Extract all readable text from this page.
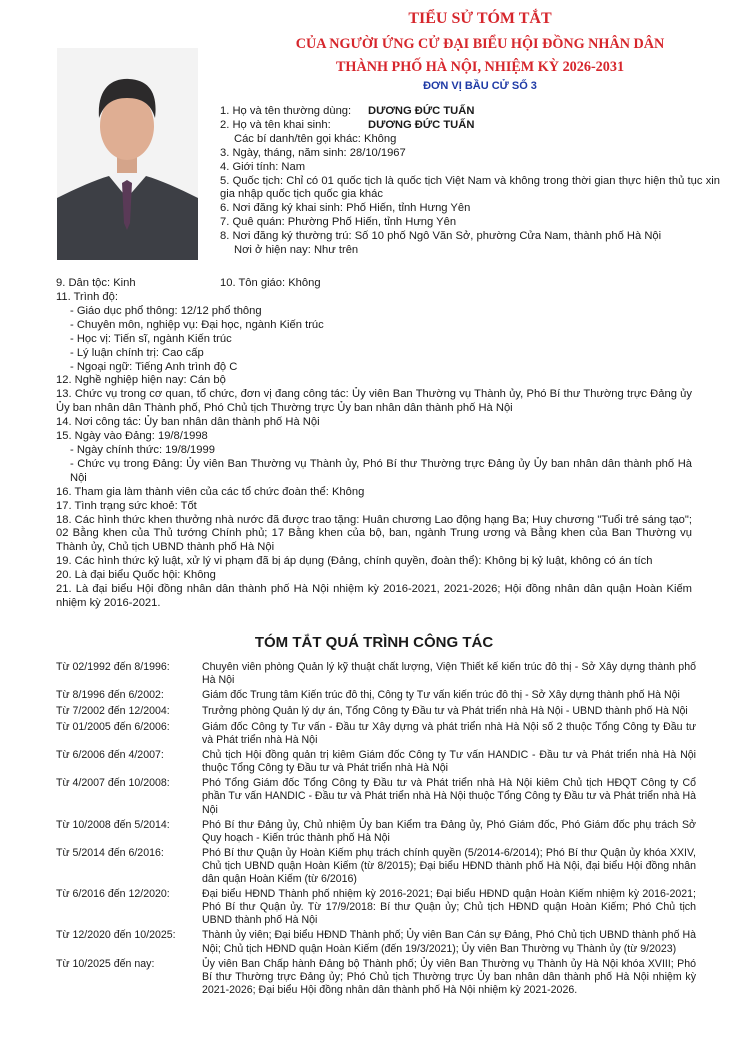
TIỂU SỬ TÓM TẮT
CỦA NGƯỜI ỨNG CỬ ĐẠI BIỂU HỘI ĐỒNG NHÂN DÂN
THÀNH PHỐ HÀ NỘI, NHIỆM KỲ 2026-2031
ĐƠN VỊ BẦU CỬ SỐ 3

1. Họ và tên thường dùng: DƯƠNG ĐỨC TUẤN

2. Họ và tên khai sinh:	DƯƠNG ĐỨC TUẤN

Các bí danh/tên gọi khác: Không

3. Ngày, tháng, năm sinh: 28/10/1967

4. Giới tính: Nam

5. Quốc tịch: Chỉ có 01 quốc tịch là quốc tịch Việt Nam và không trong thời gian thực hiện thủ tục xin gia nhập quốc tịch quốc gia khác

6. Nơi đăng ký khai sinh: Phố Hiến, tỉnh Hưng Yên

7. Quê quán: Phường Phố Hiến, tỉnh Hưng Yên

8. Nơi đăng ký thường trú: Số 10 phố Ngô Văn Sở, phường Cửa Nam, thành phố Hà Nội

Nơi ở hiện nay: Như trên

9. Dân tộc: Kinh	10. Tôn giáo: Không

11. Trình độ:

- Giáo dục phổ thông: 12/12 phổ thông

- Chuyên môn, nghiệp vụ: Đại học, ngành Kiến trúc

- Học vị: Tiến sĩ, ngành Kiến trúc

- Lý luận chính trị: Cao cấp

- Ngoại ngữ: Tiếng Anh trình độ C

12. Nghề nghiệp hiện nay: Cán bộ

13. Chức vụ trong cơ quan, tổ chức, đơn vị đang công tác: Ủy viên Ban Thường vụ Thành ủy, Phó Bí thư Thường trực Đảng ủy Ủy ban nhân dân Thành phố, Phó Chủ tịch Thường trực Ủy ban nhân dân thành phố Hà Nội

14. Nơi công tác: Ủy ban nhân dân thành phố Hà Nội

15. Ngày vào Đảng: 19/8/1998

- Ngày chính thức: 19/8/1999

- Chức vụ trong Đảng: Ủy viên Ban Thường vụ Thành ủy, Phó Bí thư Thường trực Đảng ủy Ủy ban nhân dân thành phố Hà Nội

16. Tham gia làm thành viên của các tổ chức đoàn thể: Không

17. Tình trạng sức khoẻ: Tốt

18. Các hình thức khen thưởng nhà nước đã được trao tặng: Huân chương Lao động hạng Ba; Huy chương "Tuổi trẻ sáng tạo"; 02 Bằng khen của Thủ tướng Chính phủ; 17 Bằng khen của bộ, ban, ngành Trung ương và Bằng khen của Ban Thường vụ Thành ủy, Chủ tịch UBND thành phố Hà Nội

19. Các hình thức kỷ luật, xử lý vi phạm đã bị áp dụng (Đảng, chính quyền, đoàn thể): Không bị kỷ luật, không có án tích

20. Là đại biểu Quốc hội: Không

21. Là đại biểu Hội đồng nhân dân thành phố Hà Nội nhiệm kỳ 2016-2021, 2021-2026; Hội đồng nhân dân quận Hoàn Kiếm nhiệm kỳ 2016-2021.

TÓM TẮT QUÁ TRÌNH CÔNG TÁC
Từ 02/1992 đến 8/1996:	Chuyên viên phòng Quản lý kỹ thuật chất lượng, Viện Thiết kế kiến trúc đô thị - Sở Xây dựng thành phố Hà Nội
Từ 8/1996 đến 6/2002:	Giám đốc Trung tâm Kiến trúc đô thị, Công ty Tư vấn kiến trúc đô thị - Sở Xây dựng thành phố Hà Nội
Từ 7/2002 đến 12/2004:	Trưởng phòng Quản lý dự án, Tổng Công ty Đầu tư và Phát triển nhà Hà Nội - UBND thành phố Hà Nội
Từ 01/2005 đến 6/2006:	Giám đốc Công ty Tư vấn - Đầu tư Xây dựng và phát triển nhà Hà Nội số 2 thuộc Tổng Công ty Đầu tư và Phát triển nhà Hà Nội
Từ 6/2006 đến 4/2007:	Chủ tịch Hội đồng quản trị kiêm Giám đốc Công ty Tư vấn HANDIC - Đầu tư và Phát triển nhà Hà Nội thuộc Tổng Công ty Đầu tư và Phát triển nhà Hà Nội
Từ 4/2007 đến 10/2008:	Phó Tổng Giám đốc Tổng Công ty Đầu tư và Phát triển nhà Hà Nội kiêm Chủ tịch HĐQT Công ty Cổ phần Tư vấn HANDIC - Đầu tư và Phát triển nhà Hà Nội thuộc Tổng Công ty Đầu tư và Phát triển nhà Hà Nội
Từ 10/2008 đến 5/2014:	Phó Bí thư Đảng ủy, Chủ nhiệm Ủy ban Kiểm tra Đảng ủy, Phó Giám đốc, Phó Giám đốc phụ trách Sở Quy hoạch - Kiến trúc thành phố Hà Nội
Từ 5/2014 đến 6/2016:	Phó Bí thư Quận ủy Hoàn Kiếm phụ trách chính quyền (5/2014-6/2014); Phó Bí thư Quận ủy khóa XXIV, Chủ tịch UBND quận Hoàn Kiếm (từ 8/2015); Đại biểu HĐND thành phố Hà Nội, đại biểu Hội đồng nhân dân quận Hoàn Kiếm (từ 6/2016)
Từ 6/2016 đến 12/2020:	Đại biểu HĐND Thành phố nhiệm kỳ 2016-2021; Đại biểu HĐND quận Hoàn Kiếm nhiệm kỳ 2016-2021; Phó Bí thư Quận ủy. Từ 17/9/2018: Bí thư Quận ủy; Chủ tịch HĐND quận Hoàn Kiếm; Phó Chủ tịch UBND thành phố Hà Nội
Từ 12/2020 đến 10/2025:	Thành ủy viên; Đại biểu HĐND Thành phố; Ủy viên Ban Cán sự Đảng, Phó Chủ tịch UBND thành phố Hà Nội; Chủ tịch HĐND quận Hoàn Kiếm (đến 19/3/2021); Ủy viên Ban Thường vụ Thành ủy (từ 9/2023)
Từ 10/2025 đến nay:	Ủy viên Ban Chấp hành Đảng bộ Thành phố; Ủy viên Ban Thường vụ Thành ủy Hà Nội khóa XVIII; Phó Bí thư Thường trực Đảng ủy; Phó Chủ tịch Thường trực Ủy ban nhân dân thành phố Hà Nội nhiệm kỳ 2021-2026; Đại biểu Hội đồng nhân dân thành phố Hà Nội nhiệm kỳ 2021-2026.
